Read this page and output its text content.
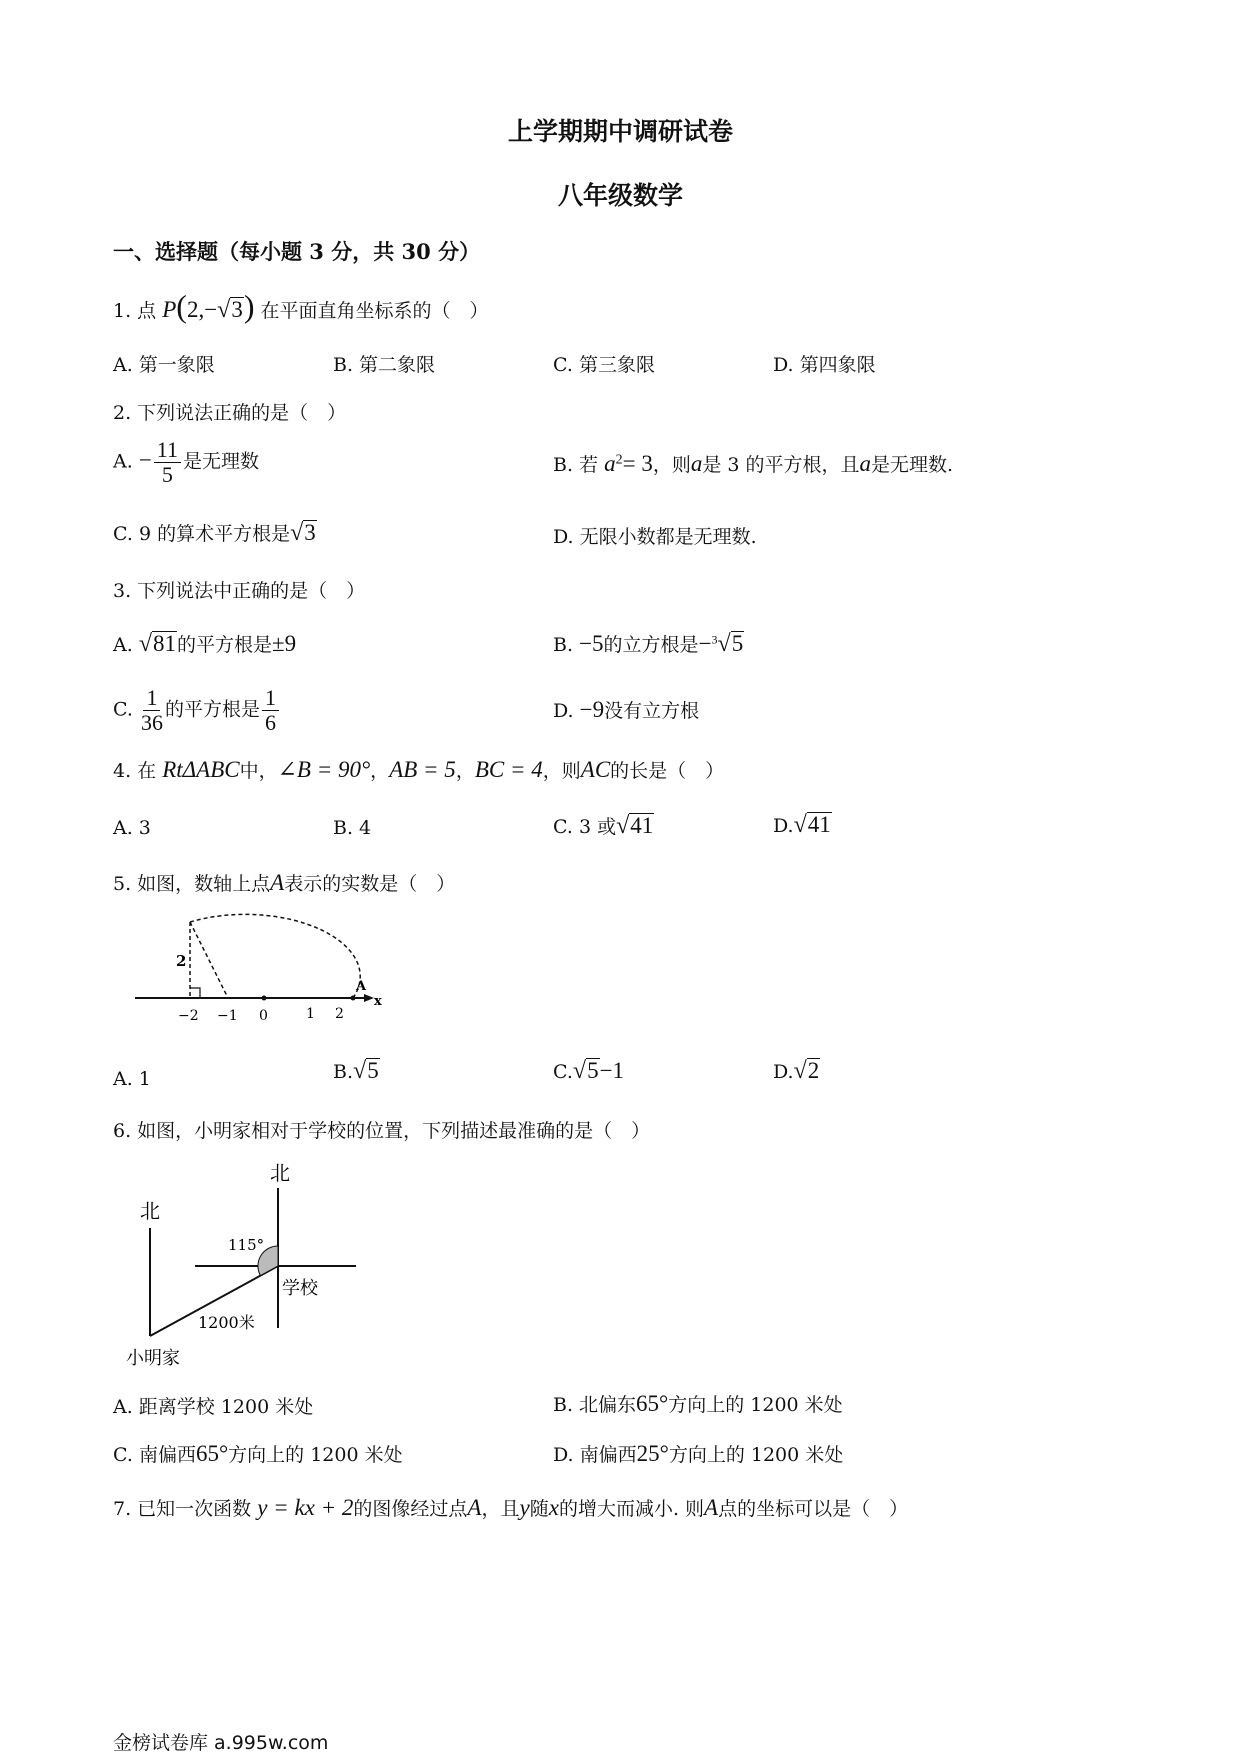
上学期期中调研试卷
八年级数学
一、选择题（每小题 3 分，共 30 分）
1. 点 P(2,−√3) 在平面直角坐标系的（　）
A. 第一象限	B. 第二象限	C. 第三象限	D. 第四象限
2. 下列说法正确的是（　）
A. − $\frac{11}{5}$ 是无理数	B. 若 $a^2= 3$，则a是 3 的平方根，且a是无理数.
C. 9 的算术平方根是√3	D. 无限小数都是无理数.
3. 下列说法中正确的是（　）
A. √81的平方根是±9	B. −5的立方根是−$^3$√5
C. $\frac{1}{36}$ 的平方根是 $\frac{1}{6}$	D. −9没有立方根
4. 在 RtΔABC中，∠B = 90°，AB = 5，BC = 4，则AC的长是（　）
A. 3	B. 4	C. 3 或√41	D.√41
5. 如图，数轴上点A表示的实数是（　）
2
A
x
−2 −1 0	1 2
A. 1	B.√5	C.√5−1	D.√2
6. 如图，小明家相对于学校的位置，下列描述最准确的是（　）
北
北
115°
学校
1200米
小明家
A. 距离学校 1200 米处	B. 北偏东65°方向上的 1200 米处
C. 南偏西65°方向上的 1200 米处	D. 南偏西25°方向上的 1200 米处
7. 已知一次函数 y = kx + 2的图像经过点A，且y随x的增大而减小. 则A点的坐标可以是（　）
金榜试卷库 a.995w.com
